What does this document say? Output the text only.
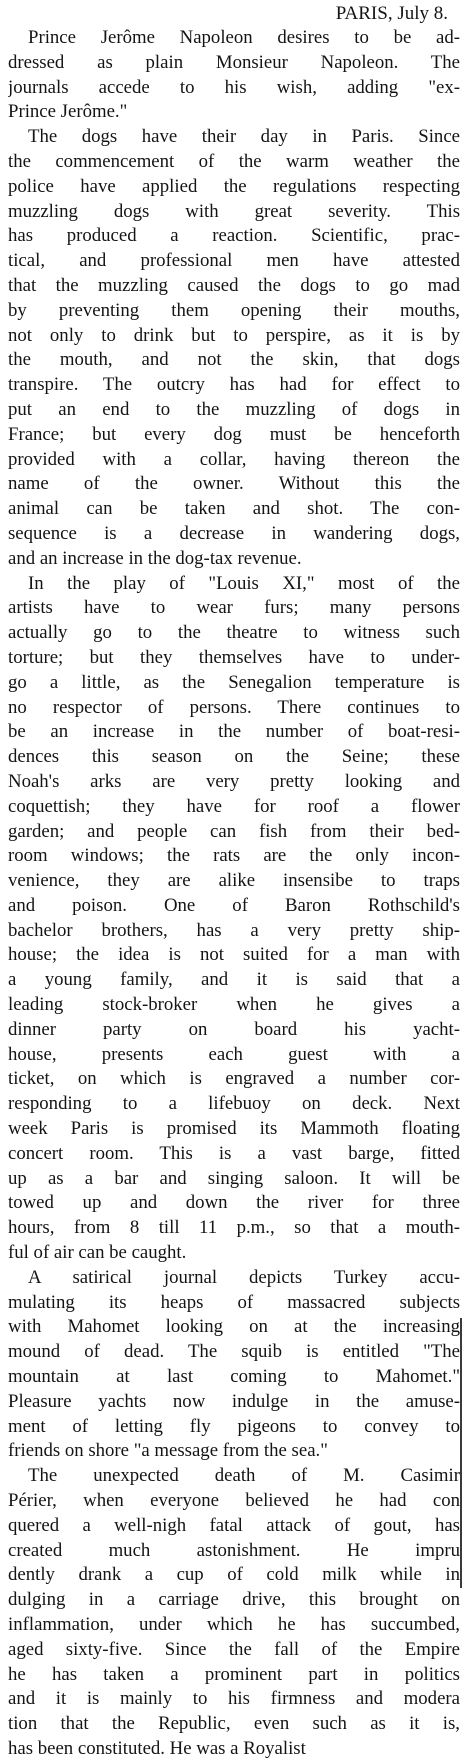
PARIS, July 8.
Prince Jerôme Napoleon desires to be ad-
dressed as plain Monsieur Napoleon. The
journals accede to his wish, adding "ex-
Prince Jerôme."
The dogs have their day in Paris. Since
the commencement of the warm weather the
police have applied the regulations respecting
muzzling dogs with great severity. This
has produced a reaction. Scientific, prac-
tical, and professional men have attested
that the muzzling caused the dogs to go mad
by preventing them opening their mouths,
not only to drink but to perspire, as it is by
the mouth, and not the skin, that dogs
transpire. The outcry has had for effect to
put an end to the muzzling of dogs in
France; but every dog must be henceforth
provided with a collar, having thereon the
name of the owner. Without this the
animal can be taken and shot. The con-
sequence is a decrease in wandering dogs,
and an increase in the dog-tax revenue.
In the play of "Louis XI," most of the
artists have to wear furs; many persons
actually go to the theatre to witness such
torture; but they themselves have to under-
go a little, as the Senegalion temperature is
no respector of persons. There continues to
be an increase in the number of boat-resi-
dences this season on the Seine; these
Noah's arks are very pretty looking and
coquettish; they have for roof a flower
garden; and people can fish from their bed-
room windows; the rats are the only incon-
venience, they are alike insensibe to traps
and poison. One of Baron Rothschild's
bachelor brothers, has a very pretty ship-
house; the idea is not suited for a man with
a young family, and it is said that a
leading stock-broker when he gives a
dinner party on board his yacht-
house, presents each guest with a
ticket, on which is engraved a number cor-
responding to a lifebuoy on deck. Next
week Paris is promised its Mammoth floating
concert room. This is a vast barge, fitted
up as a bar and singing saloon. It will be
towed up and down the river for three
hours, from 8 till 11 p.m., so that a mouth-
ful of air can be caught.
A satirical journal depicts Turkey accu-
mulating its heaps of massacred subjects
with Mahomet looking on at the increasing
mound of dead. The squib is entitled "The
mountain at last coming to Mahomet."
Pleasure yachts now indulge in the amuse-
ment of letting fly pigeons to convey to
friends on shore "a message from the sea."
The unexpected death of M. Casimir
Périer, when everyone believed he had con
quered a well-nigh fatal attack of gout, has
created much astonishment. He impru
dently drank a cup of cold milk while in
dulging in a carriage drive, this brought on
inflammation, under which he has succumbed,
aged sixty-five. Since the fall of the Empire
he has taken a prominent part in politics
and it is mainly to his firmness and modera
tion that the Republic, even such as it is,
has been constituted. He was a Royalist
